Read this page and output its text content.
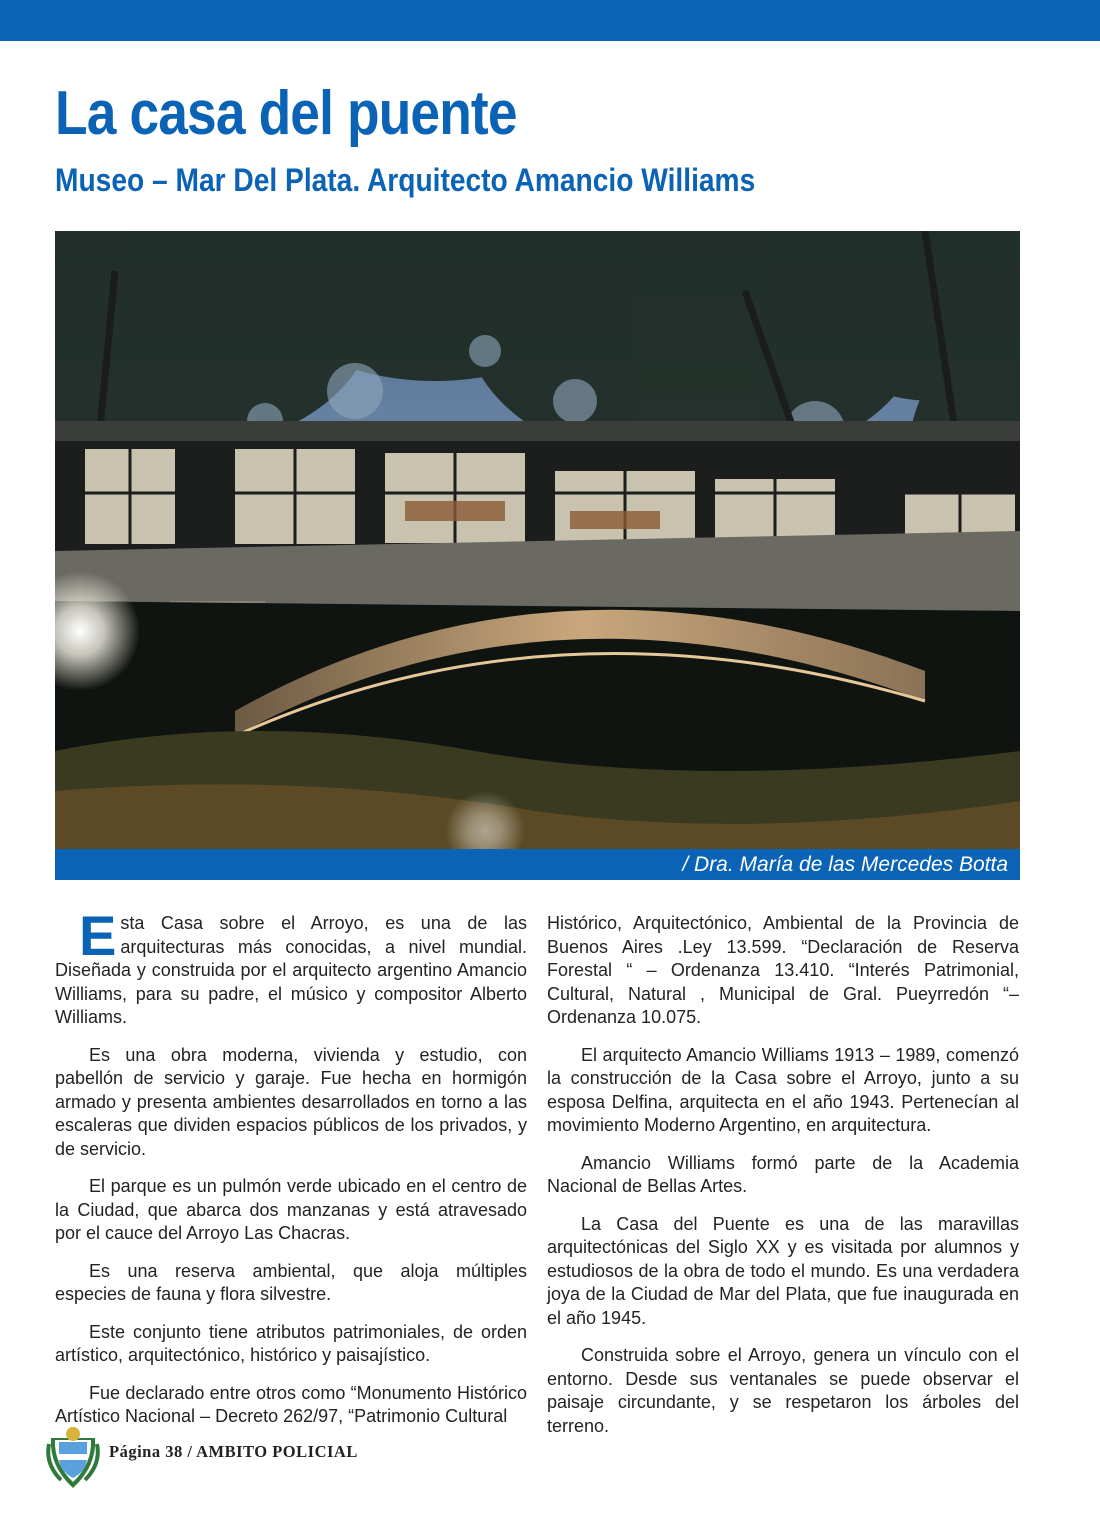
La casa del puente
Museo – Mar Del Plata. Arquitecto Amancio Williams
/ Dra. María de las Mercedes Botta

Esta Casa sobre el Arroyo, es una de las arquitecturas más conocidas, a nivel mundial. Diseñada y construida por el arquitecto argentino Amancio Williams, para su padre, el músico y compositor Alberto Williams.

Es una obra moderna, vivienda y estudio, con pabellón de servicio y garaje. Fue hecha en hormigón armado y presenta ambientes desarrollados en torno a las escaleras que dividen espacios públicos de los privados, y de servicio.

El parque es un pulmón verde ubicado en el centro de la Ciudad, que abarca dos manzanas y está atravesado por el cauce del Arroyo Las Chacras.

Es una reserva ambiental, que aloja múltiples especies de fauna y flora silvestre.

Este conjunto tiene atributos patrimoniales, de orden artístico, arquitectónico, histórico y paisajístico.

Fue declarado entre otros como “Monumento Histórico Artístico Nacional – Decreto 262/97, “Patrimonio Cultural

Histórico, Arquitectónico, Ambiental de la Provincia de Buenos Aires .Ley 13.599. “Declaración de Reserva Forestal “ – Ordenanza 13.410. “Interés Patrimonial, Cultural, Natural , Municipal de Gral. Pueyrredón “– Ordenanza 10.075.

El arquitecto Amancio Williams 1913 – 1989, comenzó la construcción de la Casa sobre el Arroyo, junto a su esposa Delfina, arquitecta en el año 1943. Pertenecían al movimiento Moderno Argentino, en arquitectura.

Amancio Williams formó parte de la Academia Nacional de Bellas Artes.

La Casa del Puente es una de las maravillas arquitectónicas del Siglo XX y es visitada por alumnos y estudiosos de la obra de todo el mundo. Es una verdadera joya de la Ciudad de Mar del Plata, que fue inaugurada en el año 1945.

Construida sobre el Arroyo, genera un vínculo con el entorno. Desde sus ventanales se puede observar el paisaje circundante, y se respetaron los árboles del terreno.

Página 38 / AMBITO POLICIAL
